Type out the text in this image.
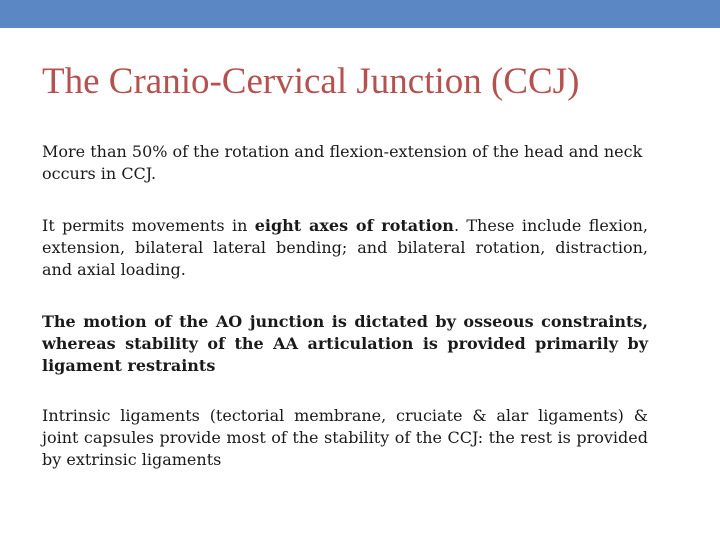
The Cranio-Cervical Junction (CCJ)

More than 50% of the rotation and flexion-extension of the head and neck occurs in CCJ.

It permits movements in eight axes of rotation. These include flexion, extension, bilateral lateral bending; and bilateral rotation, distraction, and axial loading.

The motion of the AO junction is dictated by osseous constraints, whereas stability of the AA articulation is provided primarily by ligament restraints

Intrinsic ligaments (tectorial membrane, cruciate & alar ligaments) & joint capsules provide most of the stability of the CCJ: the rest is provided by extrinsic ligaments
